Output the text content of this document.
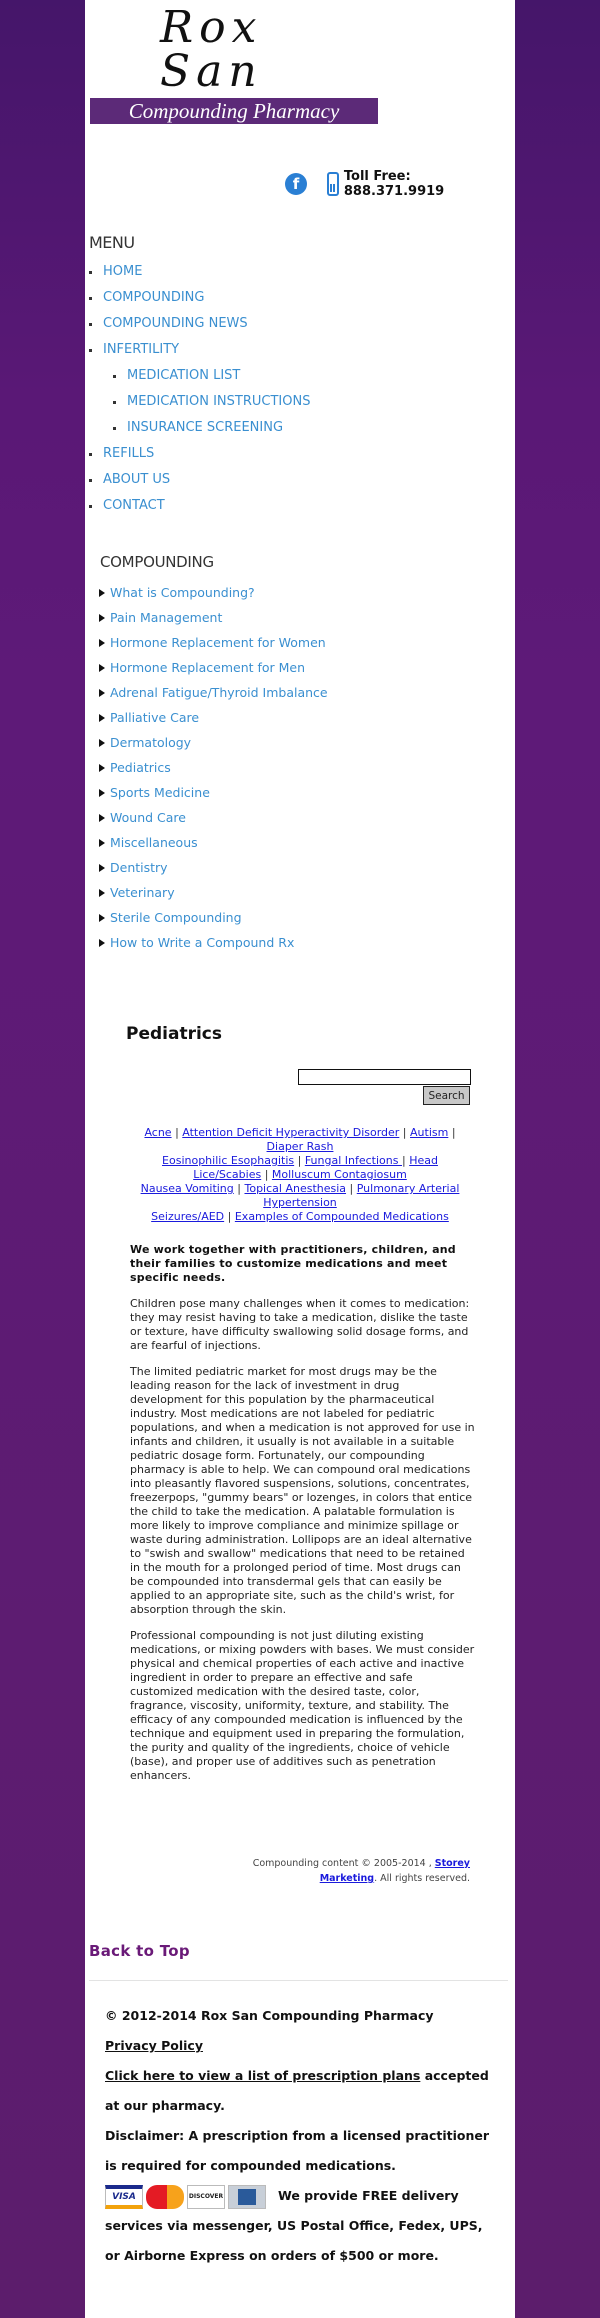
Rox
San
Compounding Pharmacy
f	Toll Free: 888.371.9919
MENU
HOME
COMPOUNDING
COMPOUNDING NEWS
INFERTILITY
MEDICATION LIST
MEDICATION INSTRUCTIONS
INSURANCE SCREENING
REFILLS
ABOUT US
CONTACT
COMPOUNDING
What is Compounding?
Pain Management
Hormone Replacement for Women
Hormone Replacement for Men
Adrenal Fatigue/Thyroid Imbalance
Palliative Care
Dermatology
Pediatrics
Sports Medicine
Wound Care
Miscellaneous
Dentistry
Veterinary
Sterile Compounding
How to Write a Compound Rx
Pediatrics
Search
Acne | Attention Deficit Hyperactivity Disorder | Autism |
Diaper Rash
Eosinophilic Esophagitis | Fungal Infections | Head Lice/Scabies | Molluscum Contagiosum
Nausea Vomiting | Topical Anesthesia | Pulmonary Arterial Hypertension
Seizures/AED | Examples of Compounded Medications

We work together with practitioners, children, and their families to customize medications and meet specific needs.

Children pose many challenges when it comes to medication: they may resist having to take a medication, dislike the taste or texture, have difficulty swallowing solid dosage forms, and are fearful of injections.

The limited pediatric market for most drugs may be the leading reason for the lack of investment in drug development for this population by the pharmaceutical industry. Most medications are not labeled for pediatric populations, and when a medication is not approved for use in infants and children, it usually is not available in a suitable pediatric dosage form. Fortunately, our compounding pharmacy is able to help. We can compound oral medications into pleasantly flavored suspensions, solutions, concentrates, freezerpops, "gummy bears" or lozenges, in colors that entice the child to take the medication. A palatable formulation is more likely to improve compliance and minimize spillage or waste during administration. Lollipops are an ideal alternative to "swish and swallow" medications that need to be retained in the mouth for a prolonged period of time. Most drugs can be compounded into transdermal gels that can easily be applied to an appropriate site, such as the child's wrist, for absorption through the skin.

Professional compounding is not just diluting existing medications, or mixing powders with bases. We must consider physical and chemical properties of each active and inactive ingredient in order to prepare an effective and safe customized medication with the desired taste, color, fragrance, viscosity, uniformity, texture, and stability. The efficacy of any compounded medication is influenced by the technique and equipment used in preparing the formulation, the purity and quality of the ingredients, choice of vehicle (base), and proper use of additives such as penetration enhancers.

Compounding content © 2005-2014 , Storey Marketing. All rights reserved.
Back to Top
© 2012-2014 Rox San Compounding Pharmacy
Privacy Policy
Click here to view a list of prescription plans accepted at our pharmacy.
Disclaimer: A prescription from a licensed practitioner is required for compounded medications.
VISA	DISCOVER	We provide FREE delivery services via messenger, US Postal Office, Fedex, UPS, or Airborne Express on orders of $500 or more.
